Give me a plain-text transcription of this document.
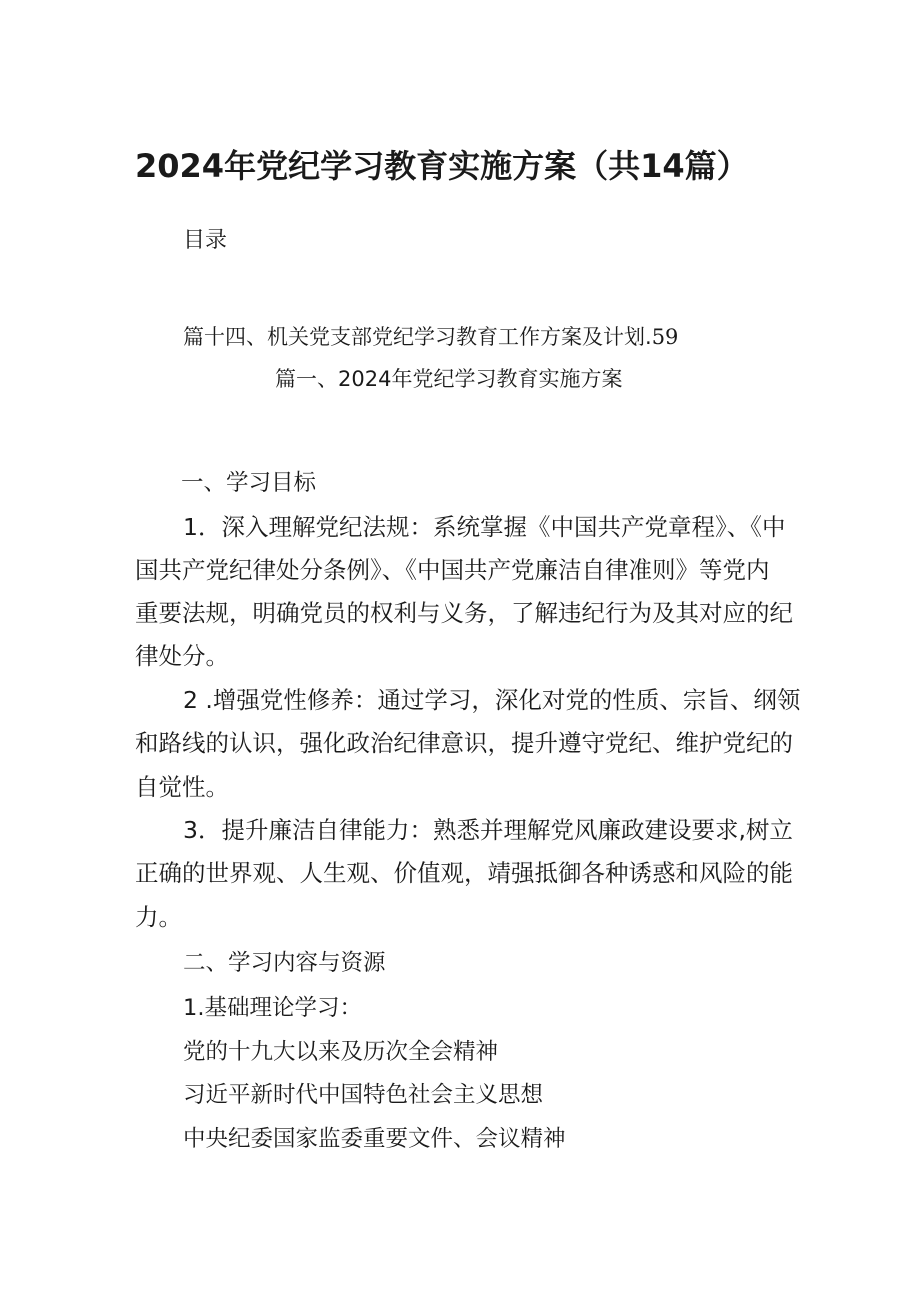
2024年党纪学习教育实施方案（共14篇）
目录
篇十四、机关党支部党纪学习教育工作方案及计划.59
篇一、2024年党纪学习教育实施方案
一、学习目标
1．深入理解党纪法规：系统掌握《中国共产党章程》、《中
国共产党纪律处分条例》、《中国共产党廉洁自律准则》等党内
重要法规，明确党员的权利与义务，了解违纪行为及其对应的纪
律处分。
2 .增强党性修养：通过学习，深化对党的性质、宗旨、纲领
和路线的认识，强化政治纪律意识，提升遵守党纪、维护党纪的
自觉性。
3．提升廉洁自律能力：熟悉并理解党风廉政建设要求,树立
正确的世界观、人生观、价值观，靖强抵御各种诱惑和风险的能
力。
二、学习内容与资源
1.基础理论学习：
党的十九大以来及历次全会精神
习近平新时代中国特色社会主义思想
中央纪委国家监委重要文件、会议精神
